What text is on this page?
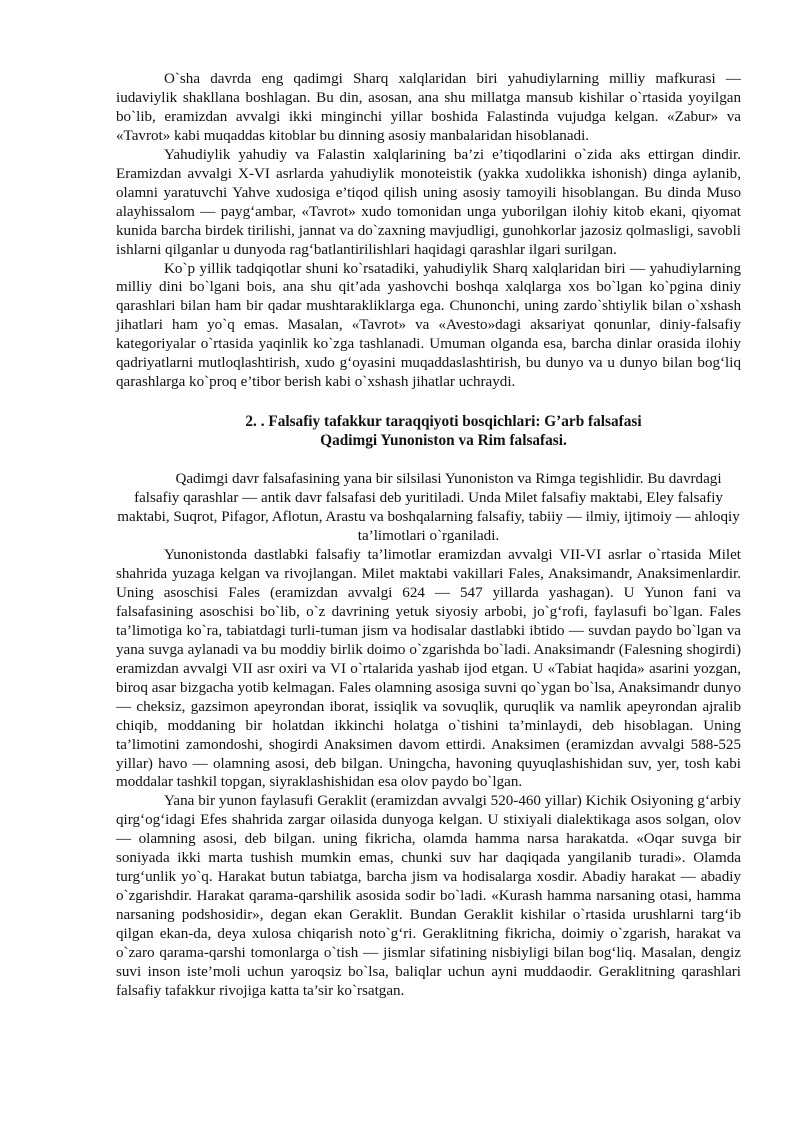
O`sha davrda eng qadimgi Sharq xalqlaridan biri yahudiylarning milliy mafkurasi — iudaviylik shakllana boshlagan. Bu din, asosan, ana shu millatga mansub kishilar o`rtasida yoyilgan bo`lib, eramizdan avvalgi ikki minginchi yillar boshida Falastinda vujudga kelgan. «Zabur» va «Tavrot» kabi muqaddas kitoblar bu dinning asosiy manbalaridan hisoblanadi.

Yahudiylik yahudiy va Falastin xalqlarining ba’zi e’tiqodlarini o`zida aks ettirgan dindir. Eramizdan avvalgi X-VI asrlarda yahudiylik monoteistik (yakka xudolikka ishonish) dinga aylanib, olamni yaratuvchi Yahve xudosiga e’tiqod qilish uning asosiy tamoyili hisoblangan. Bu dinda Muso alayhissalom — payg‘ambar, «Tavrot» xudo tomonidan unga yuborilgan ilohiy kitob ekani, qiyomat kunida barcha birdek tirilishi, jannat va do`zaxning mavjudligi, gunohkorlar jazosiz qolmasligi, savobli ishlarni qilganlar u dunyoda rag‘batlantirilishlari haqidagi qarashlar ilgari surilgan.

Ko`p yillik tadqiqotlar shuni ko`rsatadiki, yahudiylik Sharq xalqlaridan biri — yahudiylarning milliy dini bo`lgani bois, ana shu qit’ada yashovchi boshqa xalqlarga xos bo`lgan ko`pgina diniy qarashlari bilan ham bir qadar mushtarakliklarga ega. Chunonchi, uning zardo`shtiylik bilan o`xshash jihatlari ham yo`q emas. Masalan, «Tavrot» va «Avesto»dagi aksariyat qonunlar, diniy-falsafiy kategoriyalar o`rtasida yaqinlik ko`zga tashlanadi. Umuman olganda esa, barcha dinlar orasida ilohiy qadriyatlarni mutloqlashtirish, xudo g‘oyasini muqaddaslashtirish, bu dunyo va u dunyo bilan bog‘liq qarashlarga ko`proq e’tibor berish kabi o`xshash jihatlar uchraydi.

2. . Falsafiy tafakkur taraqqiyoti bosqichlari: G’arb falsafasi
Qadimgi Yunoniston va Rim falsafasi.

Qadimgi davr falsafasining yana bir silsilasi Yunoniston va Rimga tegishlidir. Bu davrdagi falsafiy qarashlar — antik davr falsafasi deb yuritiladi. Unda Milet falsafiy maktabi, Eley falsafiy maktabi, Suqrot, Pifagor, Aflotun, Arastu va boshqalarning falsafiy, tabiiy — ilmiy, ijtimoiy — ahloqiy ta’limotlari o`rganiladi.

Yunonistonda dastlabki falsafiy ta’limotlar eramizdan avvalgi VII-VI asrlar o`rtasida Milet shahrida yuzaga kelgan va rivojlangan. Milet maktabi vakillari Fales, Anaksimandr, Anaksimenlardir. Uning asoschisi Fales (eramizdan avvalgi 624 — 547 yillarda yashagan). U Yunon fani va falsafasining asoschisi bo`lib, o`z davrining yetuk siyosiy arbobi, jo`g‘rofi, faylasufi bo`lgan. Fales ta’limotiga ko`ra, tabiatdagi turli-tuman jism va hodisalar dastlabki ibtido — suvdan paydo bo`lgan va yana suvga aylanadi va bu moddiy birlik doimo o`zgarishda bo`ladi. Anaksimandr (Falesning shogirdi) eramizdan avvalgi VII asr oxiri va VI o`rtalarida yashab ijod etgan. U «Tabiat haqida» asarini yozgan, biroq asar bizgacha yotib kelmagan. Fales olamning asosiga suvni qo`ygan bo`lsa, Anaksimandr dunyo — cheksiz, gazsimon apeyrondan iborat, issiqlik va sovuqlik, quruqlik va namlik apeyrondan ajralib chiqib, moddaning bir holatdan ikkinchi holatga o`tishini ta’minlaydi, deb hisoblagan. Uning ta’limotini zamondoshi, shogirdi Anaksimen davom ettirdi. Anaksimen (eramizdan avvalgi 588-525 yillar) havo — olamning asosi, deb bilgan. Uningcha, havoning quyuqlashishidan suv, yer, tosh kabi moddalar tashkil topgan, siyraklashishidan esa olov paydo bo`lgan.

Yana bir yunon faylasufi Geraklit (eramizdan avvalgi 520-460 yillar) Kichik Osiyoning g‘arbiy qirg‘og‘idagi Efes shahrida zargar oilasida dunyoga kelgan. U stixiyali dialektikaga asos solgan, olov — olamning asosi, deb bilgan. uning fikricha, olamda hamma narsa harakatda. «Oqar suvga bir soniyada ikki marta tushish mumkin emas, chunki suv har daqiqada yangilanib turadi». Olamda turg‘unlik yo`q. Harakat butun tabiatga, barcha jism va hodisalarga xosdir. Abadiy harakat — abadiy o`zgarishdir. Harakat qarama-qarshilik asosida sodir bo`ladi. «Kurash hamma narsaning otasi, hamma narsaning podshosidir», degan ekan Geraklit. Bundan Geraklit kishilar o`rtasida urushlarni targ‘ib qilgan ekan-da, deya xulosa chiqarish noto`g‘ri. Geraklitning fikricha, doimiy o`zgarish, harakat va o`zaro qarama-qarshi tomonlarga o`tish — jismlar sifatining nisbiyligi bilan bog‘liq. Masalan, dengiz suvi inson iste’moli uchun yaroqsiz bo`lsa, baliqlar uchun ayni muddaodir. Geraklitning qarashlari falsafiy tafakkur rivojiga katta ta’sir ko`rsatgan.
